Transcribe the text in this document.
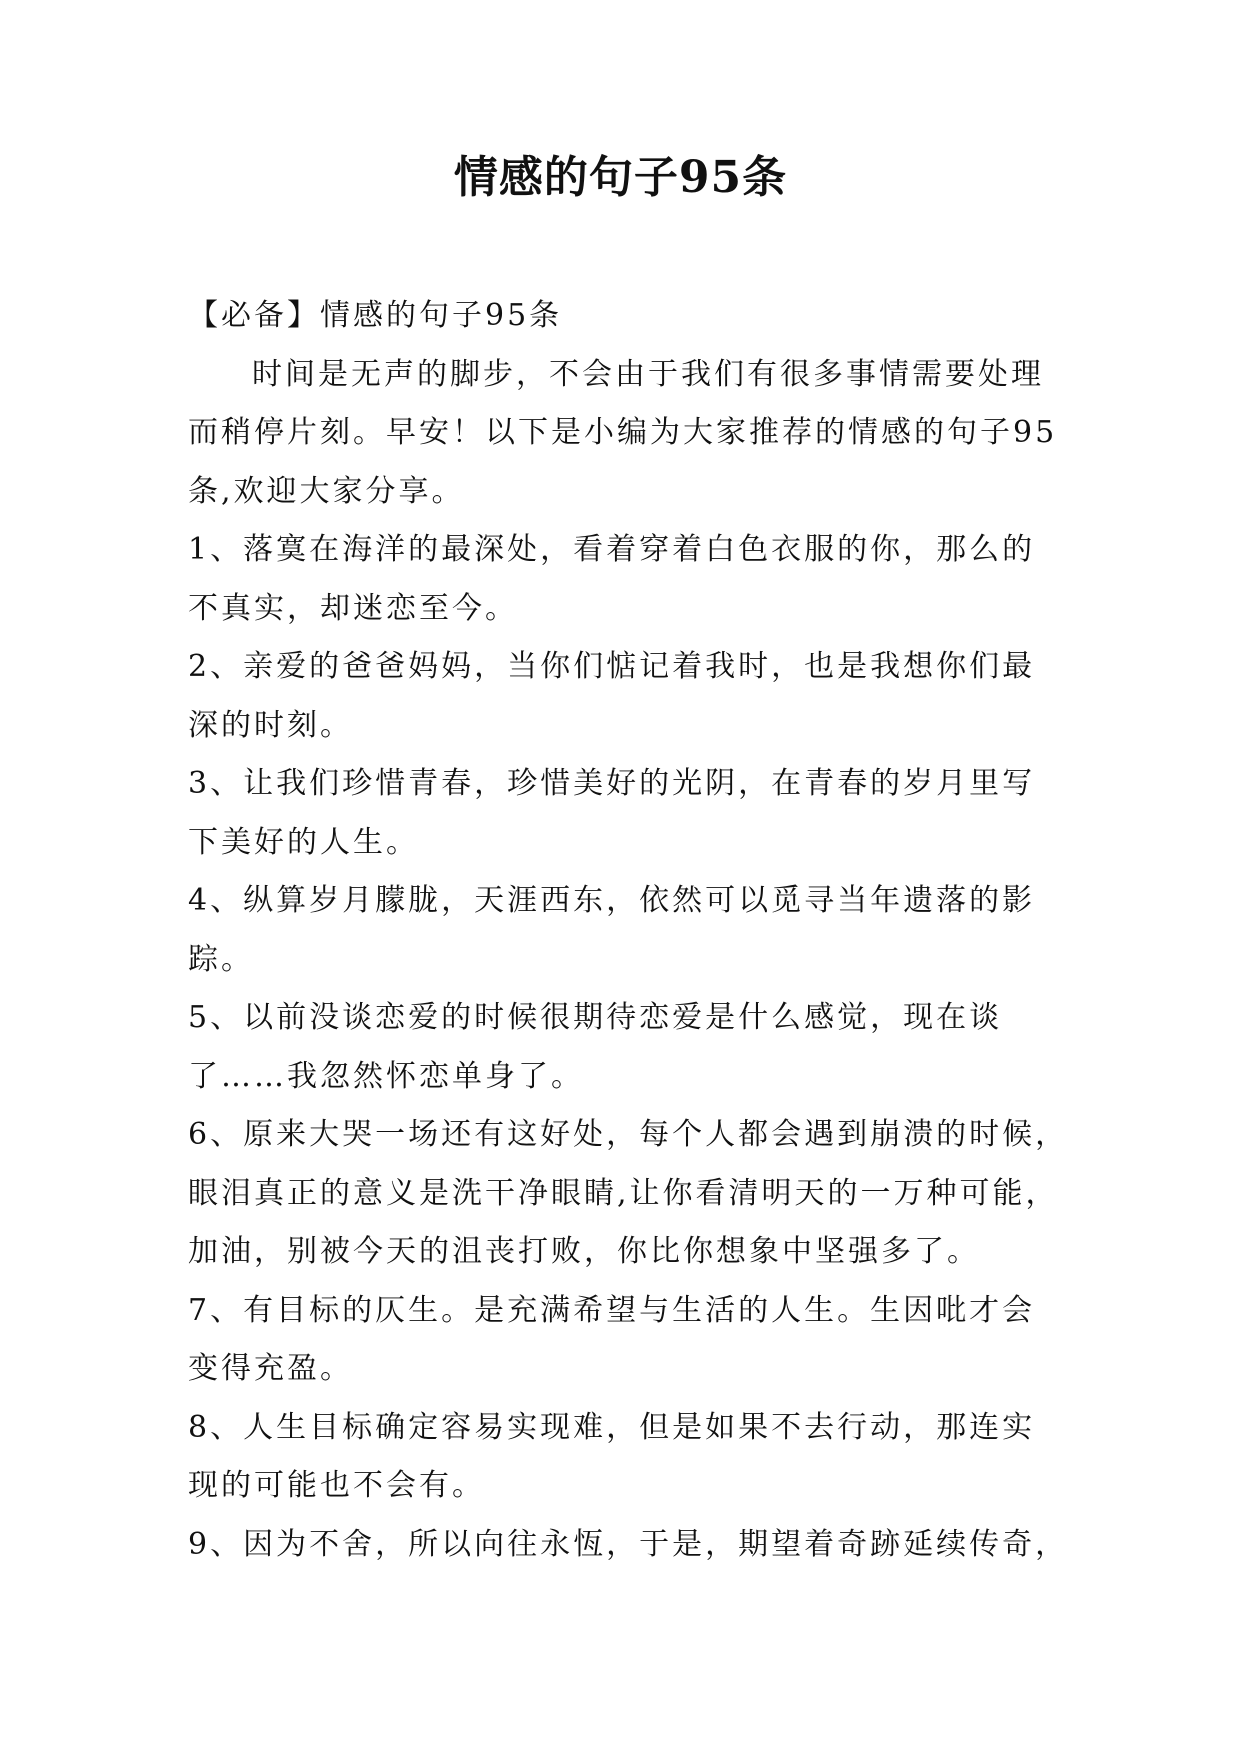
情感的句子95条
【必备】情感的句子95条
时间是无声的脚步，不会由于我们有很多事情需要处理
而稍停片刻。早安！以下是小编为大家推荐的情感的句子95
条,欢迎大家分享。
1、落寞在海洋的最深处，看着穿着白色衣服的你，那么的
不真实，却迷恋至今。
2、亲爱的爸爸妈妈，当你们惦记着我时，也是我想你们最
深的时刻。
3、让我们珍惜青春，珍惜美好的光阴，在青春的岁月里写
下美好的人生。
4、纵算岁月朦胧，天涯西东，依然可以觅寻当年遗落的影
踪。
5、以前没谈恋爱的时候很期待恋爱是什么感觉，现在谈
了……我忽然怀恋单身了。
6、原来大哭一场还有这好处，每个人都会遇到崩溃的时候，
眼泪真正的意义是洗干净眼睛,让你看清明天的一万种可能，
加油，别被今天的沮丧打败，你比你想象中坚强多了。
7、有目标的仄生。是充满希望与生活的人生。生因吡才会
变得充盈。
8、人生目标确定容易实现难，但是如果不去行动，那连实
现的可能也不会有。
9、因为不舍，所以向往永恆，于是，期望着奇跡延续传奇，
